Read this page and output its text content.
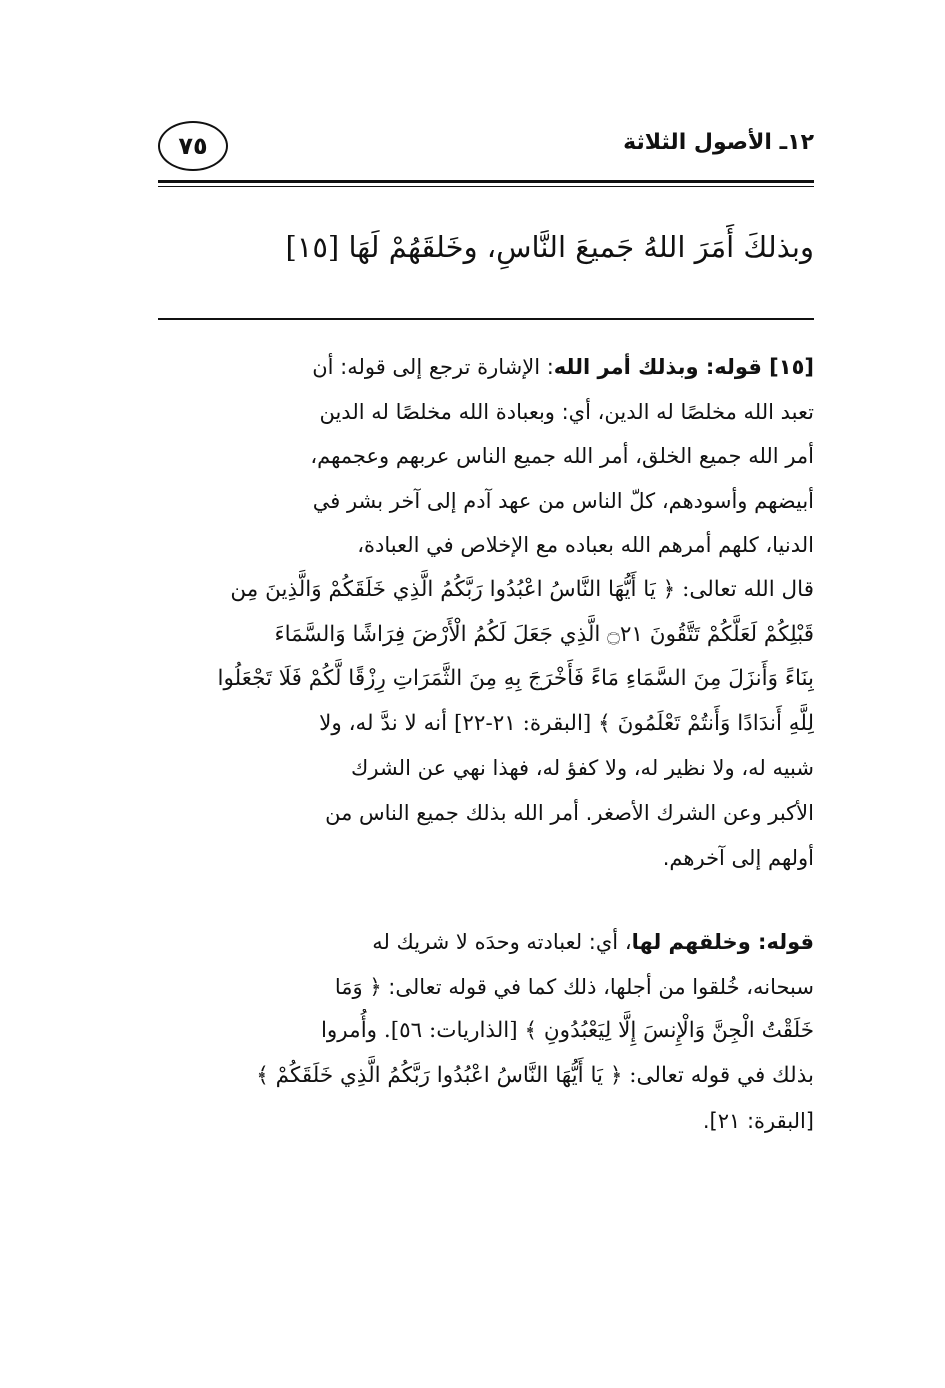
١٢ـ الأصول الثلاثة
٧٥
وبذلكَ أَمَرَ اللهُ جَميعَ النَّاسِ، وخَلقَهُمْ لَهَا [١٥]
[١٥] قوله: وبذلك أمر الله: الإشارة ترجع إلى قوله: أن
تعبد الله مخلصًا له الدين، أي: وبعبادة الله مخلصًا له الدين
أمر الله جميع الخلق، أمر الله جميع الناس عربهم وعجمهم،
أبيضهم وأسودهم، كلّ الناس من عهد آدم إلى آخر بشر في
الدنيا، كلهم أمرهم الله بعباده مع الإخلاص في العبادة،
قال الله تعالى: ﴿ يَا أَيُّهَا النَّاسُ اعْبُدُوا رَبَّكُمُ الَّذِي خَلَقَكُمْ وَالَّذِينَ مِن
قَبْلِكُمْ لَعَلَّكُمْ تَتَّقُونَ ۝٢١ الَّذِي جَعَلَ لَكُمُ الْأَرْضَ فِرَاشًا وَالسَّمَاءَ
بِنَاءً وَأَنزَلَ مِنَ السَّمَاءِ مَاءً فَأَخْرَجَ بِهِ مِنَ الثَّمَرَاتِ رِزْقًا لَّكُمْ فَلَا تَجْعَلُوا
لِلَّهِ أَندَادًا وَأَنتُمْ تَعْلَمُونَ ﴾ [البقرة: ٢١-٢٢] أنه لا ندَّ له، ولا
شبيه له، ولا نظير له، ولا كفؤ له، فهذا نهي عن الشرك
الأكبر وعن الشرك الأصغر. أمر الله بذلك جميع الناس من
أولهم إلى آخرهم.
قوله: وخلقهم لها، أي: لعبادته وحدَه لا شريك له
سبحانه، خُلقوا من أجلها، ذلك كما في قوله تعالى: ﴿ وَمَا
خَلَقْتُ الْجِنَّ وَالْإِنسَ إِلَّا لِيَعْبُدُونِ ﴾ [الذاريات: ٥٦]. وأُمروا
بذلك في قوله تعالى: ﴿ يَا أَيُّهَا النَّاسُ اعْبُدُوا رَبَّكُمُ الَّذِي خَلَقَكُمْ ﴾
[البقرة: ٢١].
